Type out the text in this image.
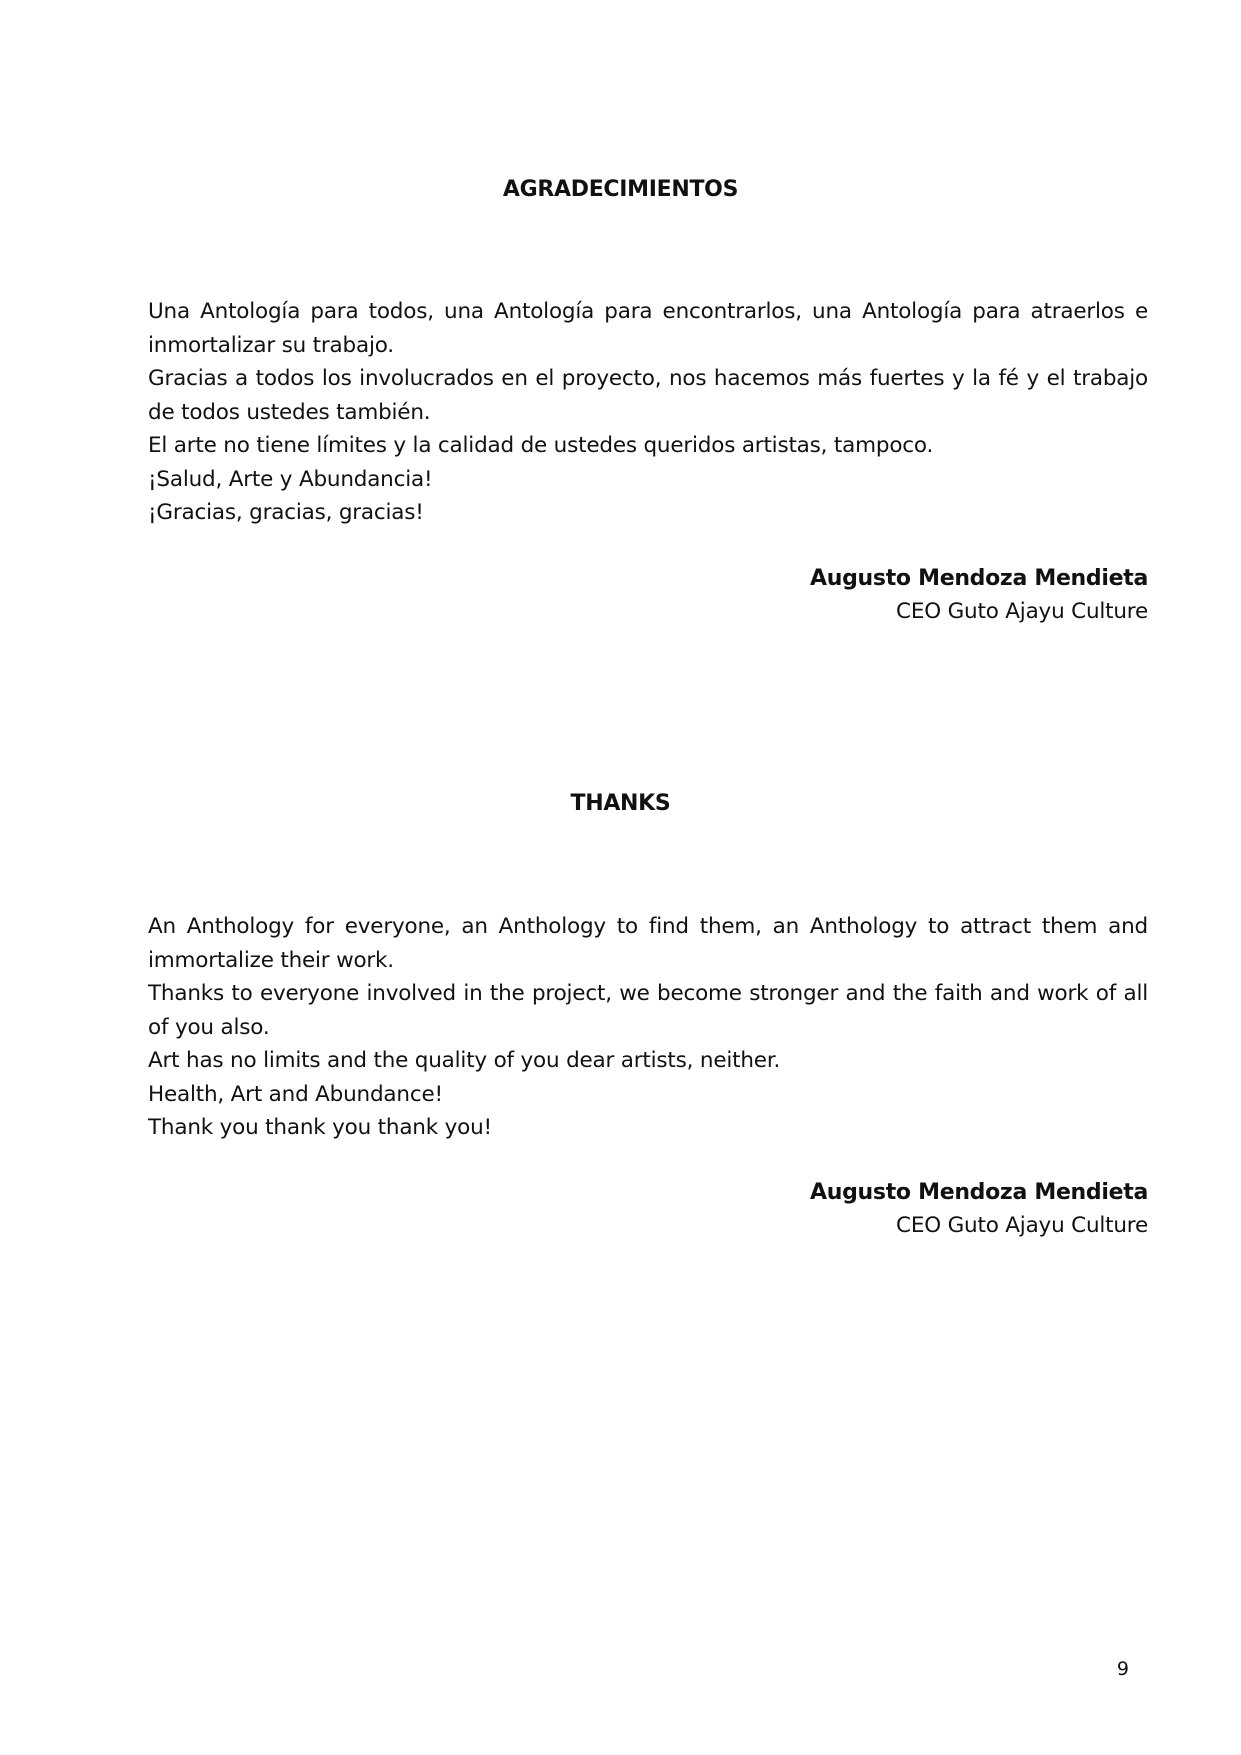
AGRADECIMIENTOS

Una Antología para todos, una Antología para encontrarlos, una Antología para atraerlos e inmortalizar su trabajo.

Gracias a todos los involucrados en el proyecto, nos hacemos más fuertes y la fé y el trabajo de todos ustedes también.

El arte no tiene límites y la calidad de ustedes queridos artistas, tampoco.

¡Salud, Arte y Abundancia!

¡Gracias, gracias, gracias!

Augusto Mendoza Mendieta

CEO Guto Ajayu Culture

THANKS

An Anthology for everyone, an Anthology to find them, an Anthology to attract them and immortalize their work.

Thanks to everyone involved in the project, we become stronger and the faith and work of all of you also.

Art has no limits and the quality of you dear artists, neither.

Health, Art and Abundance!

Thank you thank you thank you!

Augusto Mendoza Mendieta

CEO Guto Ajayu Culture

9
